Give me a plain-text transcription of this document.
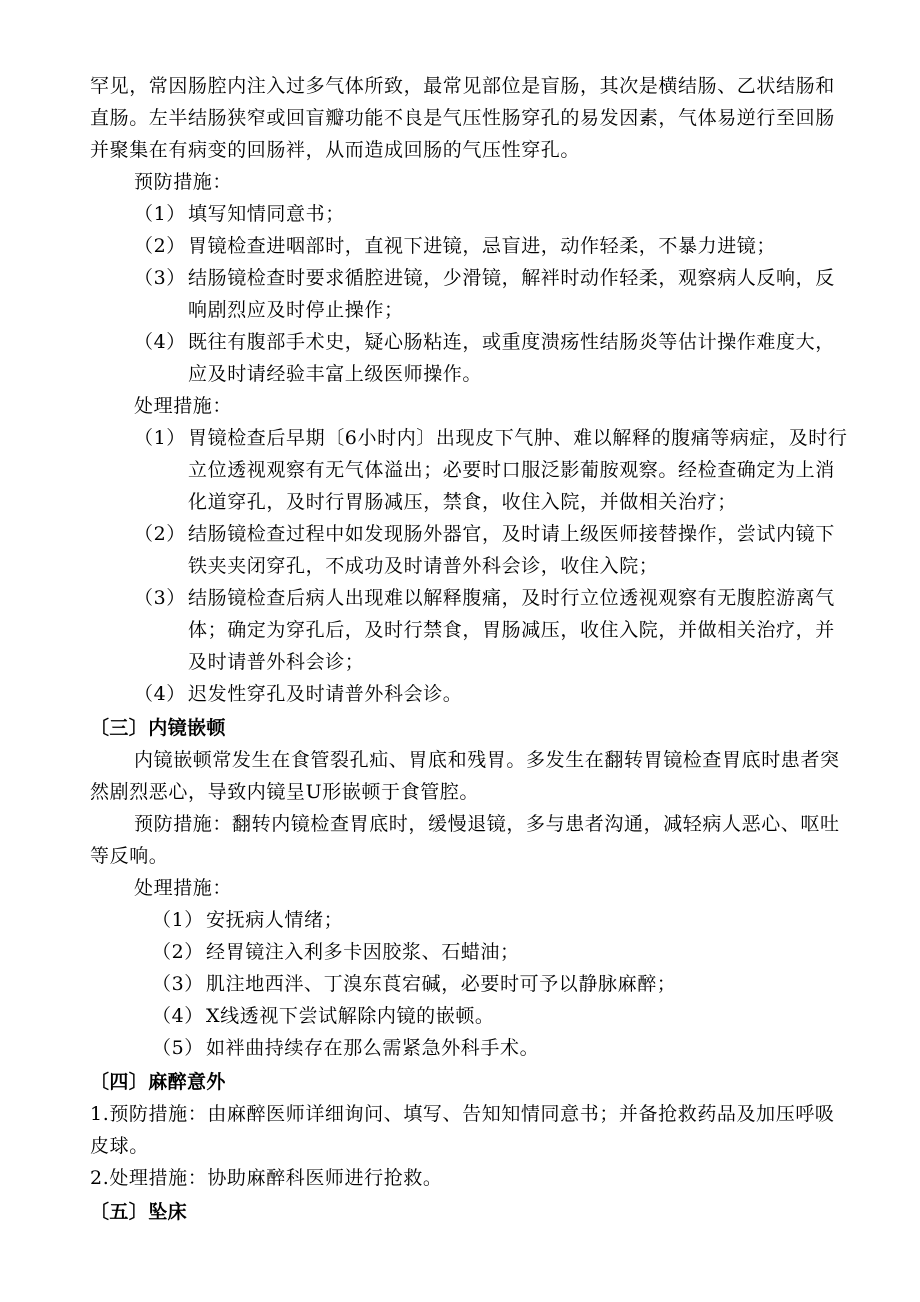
罕见，常因肠腔内注入过多气体所致，最常见部位是盲肠，其次是横结肠、乙状结肠和直肠。左半结肠狭窄或回盲瓣功能不良是气压性肠穿孔的易发因素，气体易逆行至回肠并聚集在有病变的回肠袢，从而造成回肠的气压性穿孔。

预防措施：

（1） 填写知情同意书；
（2） 胃镜检查进咽部时，直视下进镜，忌盲进，动作轻柔，不暴力进镜；
（3） 结肠镜检查时要求循腔进镜，少滑镜，解袢时动作轻柔，观察病人反响，反响剧烈应及时停止操作；
（4） 既往有腹部手术史，疑心肠粘连，或重度溃疡性结肠炎等估计操作难度大，应及时请经验丰富上级医师操作。

处理措施：

（1） 胃镜检查后早期〔6小时内〕出现皮下气肿、难以解释的腹痛等病症，及时行立位透视观察有无气体溢出；必要时口服泛影葡胺观察。经检查确定为上消化道穿孔，及时行胃肠减压，禁食，收住入院，并做相关治疗；
（2） 结肠镜检查过程中如发现肠外器官，及时请上级医师接替操作，尝试内镜下铁夹夹闭穿孔，不成功及时请普外科会诊，收住入院；
（3） 结肠镜检查后病人出现难以解释腹痛，及时行立位透视观察有无腹腔游离气体；确定为穿孔后，及时行禁食，胃肠减压，收住入院，并做相关治疗，并及时请普外科会诊；
（4） 迟发性穿孔及时请普外科会诊。

〔三〕内镜嵌顿

内镜嵌顿常发生在食管裂孔疝、胃底和残胃。多发生在翻转胃镜检查胃底时患者突然剧烈恶心，导致内镜呈U形嵌顿于食管腔。

预防措施：翻转内镜检查胃底时，缓慢退镜，多与患者沟通，减轻病人恶心、呕吐等反响。

处理措施：

（1） 安抚病人情绪；
（2） 经胃镜注入利多卡因胶浆、石蜡油；
（3） 肌注地西泮、丁溴东莨宕碱，必要时可予以静脉麻醉；
（4） X线透视下尝试解除内镜的嵌顿。
（5） 如袢曲持续存在那么需紧急外科手术。

〔四〕麻醉意外

1.预防措施：由麻醉医师详细询问、填写、告知知情同意书；并备抢救药品及加压呼吸皮球。

2.处理措施：协助麻醉科医师进行抢救。

〔五〕坠床
